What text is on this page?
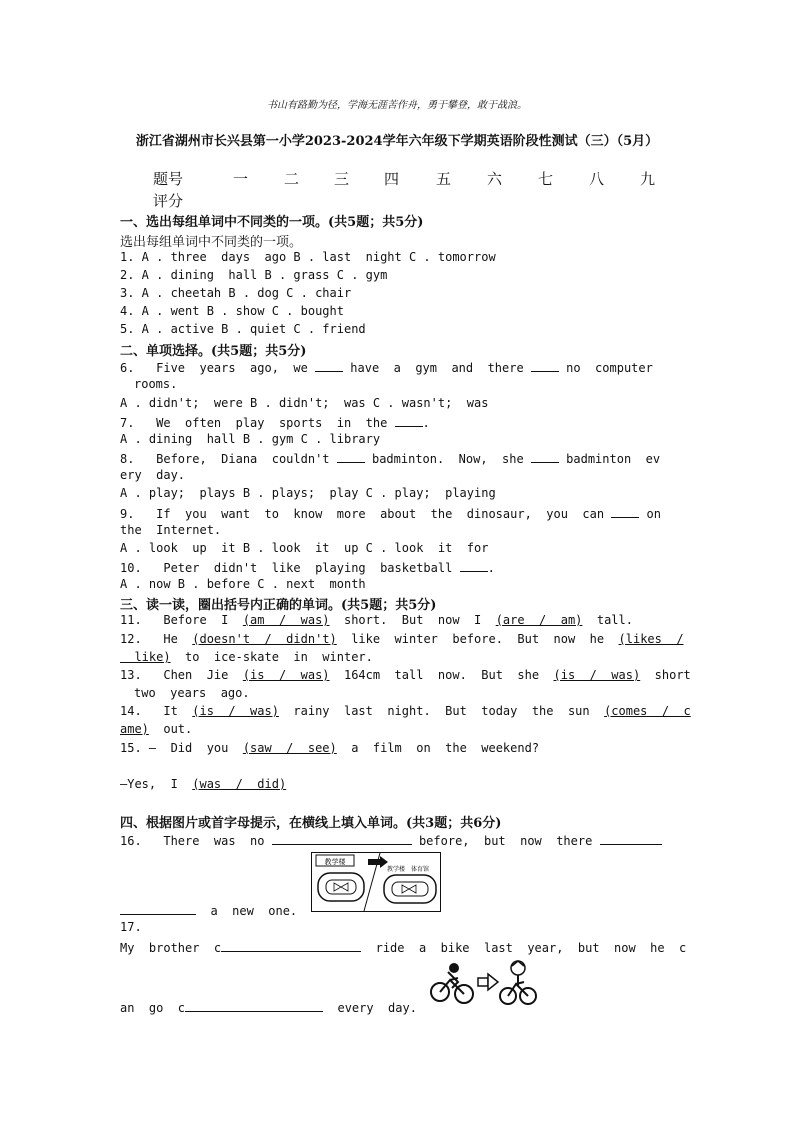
书山有路勤为径，学海无涯苦作舟，勇于攀登，敢于战浪。
浙江省湖州市长兴县第一小学2023-2024学年六年级下学期英语阶段性测试（三）（5月）
题号	一 二 三 四 五 六 七 八 九
评分
一、选出每组单词中不同类的一项。(共5题；共5分)
选出每组单词中不同类的一项。
1. A . three  days  ago B . last  night C . tomorrow
2. A . dining  hall B . grass C . gym
3. A . cheetah B . dog C . chair
4. A . went B . show C . bought
5. A . active B . quiet C . friend
二、单项选择。(共5题；共5分)
6.   Five  years  ago,  we  have  a  gym  and  there  no  computer
rooms.
A . didn't;  were B . didn't;  was C . wasn't;  was
7.   We  often  play  sports  in  the .
A . dining  hall B . gym C . library
8.   Before,  Diana  couldn't  badminton.  Now,  she  badminton  ev
ery  day.
A . play;  plays B . plays;  play C . play;  playing
9.   If  you  want  to  know  more  about  the  dinosaur,  you  can  on
the  Internet.
A . look  up  it B . look  it  up C . look  it  for
10.   Peter  didn't  like  playing  basketball .
A . now B . before C . next  month
三、读一读，圈出括号内正确的单词。(共5题；共5分)
11.   Before  I  (am  /  was)  short.  But  now  I  (are  /  am)  tall.
12.   He  (doesn't  /  didn't)  like  winter  before.  But  now  he  (likes  /
like)  to  ice-skate  in  winter.
13.   Chen  Jie  (is  /  was)  164cm  tall  now.  But  she  (is  /  was)  short
two  years  ago.
14.   It  (is  /  was)  rainy  last  night.  But  today  the  sun  (comes  /  c
ame)  out.
15. —  Did  you  (saw  /  see)  a  film  on  the  weekend?
—Yes,  I  (was  /  did)
四、根据图片或首字母提示，在横线上填入单词。(共3题；共6分)
16.   There  was  no	before,  but  now  there
教学楼
教学楼 体育馆
a  new  one.
17.
My  brother  c	ride  a  bike  last  year,  but  now  he  c
an  go  c	every  day.
